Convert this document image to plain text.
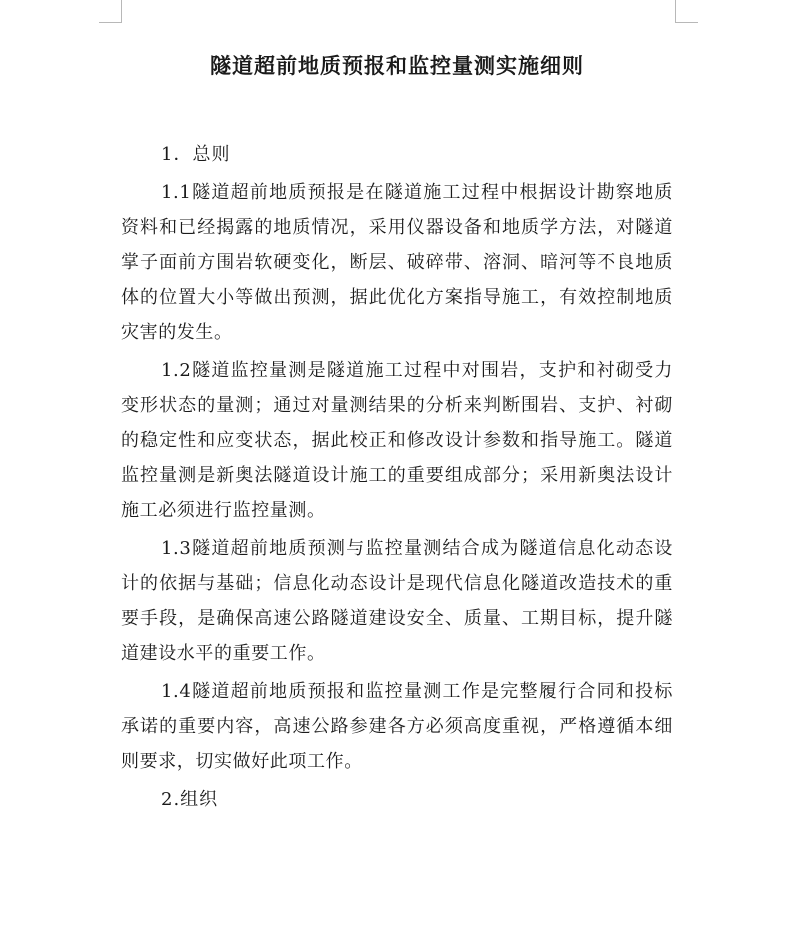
隧道超前地质预报和监控量测实施细则

1．总则

1.1隧道超前地质预报是在隧道施工过程中根据设计勘察地质资料和已经揭露的地质情况，采用仪器设备和地质学方法，对隧道掌子面前方围岩软硬变化，断层、破碎带、溶洞、暗河等不良地质体的位置大小等做出预测，据此优化方案指导施工，有效控制地质灾害的发生。

1.2隧道监控量测是隧道施工过程中对围岩，支护和衬砌受力变形状态的量测；通过对量测结果的分析来判断围岩、支护、衬砌的稳定性和应变状态，据此校正和修改设计参数和指导施工。隧道监控量测是新奥法隧道设计施工的重要组成部分；采用新奥法设计施工必须进行监控量测。

1.3隧道超前地质预测与监控量测结合成为隧道信息化动态设计的依据与基础；信息化动态设计是现代信息化隧道改造技术的重要手段，是确保高速公路隧道建设安全、质量、工期目标，提升隧道建设水平的重要工作。

1.4隧道超前地质预报和监控量测工作是完整履行合同和投标承诺的重要内容，高速公路参建各方必须高度重视，严格遵循本细则要求，切实做好此项工作。

2.组织
